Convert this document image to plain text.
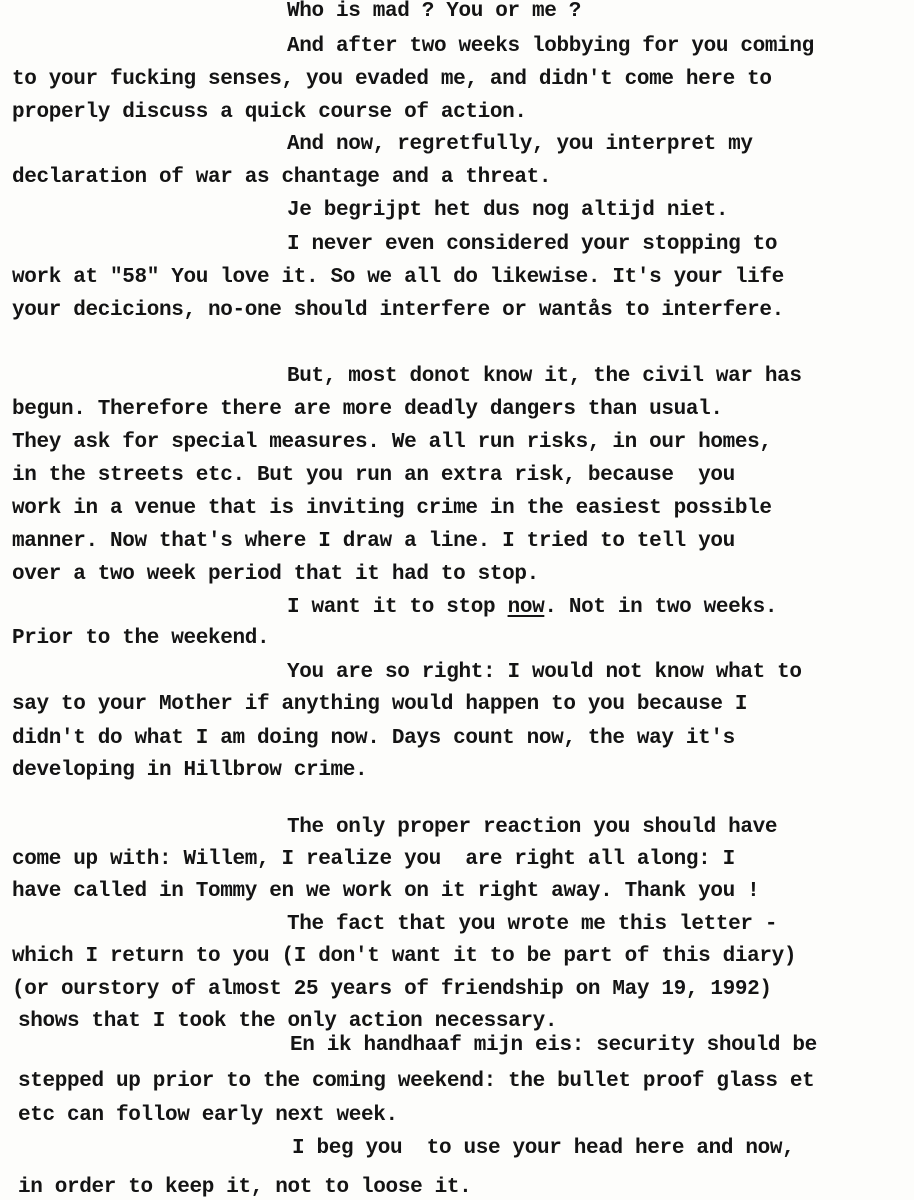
Who is mad ? You or me ?

And after two weeks lobbying for you coming

to your fucking senses, you evaded me, and didn't come here to

properly discuss a quick course of action.

And now, regretfully, you interpret my

declaration of war as chantage and a threat.

Je begrijpt het dus nog altijd niet.

I never even considered your stopping to

work at "58" You love it. So we all do likewise. It's your life

your decicions, no-one should interfere or wantås to interfere.

But, most donot know it, the civil war has

begun. Therefore there are more deadly dangers than usual.

They ask for special measures. We all run risks, in our homes,

in the streets etc. But you run an extra risk, because  you

work in a venue that is inviting crime in the easiest possible

manner. Now that's where I draw a line. I tried to tell you

over a two week period that it had to stop.

I want it to stop now. Not in two weeks.

Prior to the weekend.

You are so right: I would not know what to

say to your Mother if anything would happen to you because I

didn't do what I am doing now. Days count now, the way it's

developing in Hillbrow crime.

The only proper reaction you should have

come up with: Willem, I realize you  are right all along: I

have called in Tommy en we work on it right away. Thank you !

The fact that you wrote me this letter -

which I return to you (I don't want it to be part of this diary)

(or ourstory of almost 25 years of friendship on May 19, 1992)

shows that I took the only action necessary.

En ik handhaaf mijn eis: security should be

stepped up prior to the coming weekend: the bullet proof glass et

etc can follow early next week.

I beg you  to use your head here and now,

in order to keep it, not to loose it.
